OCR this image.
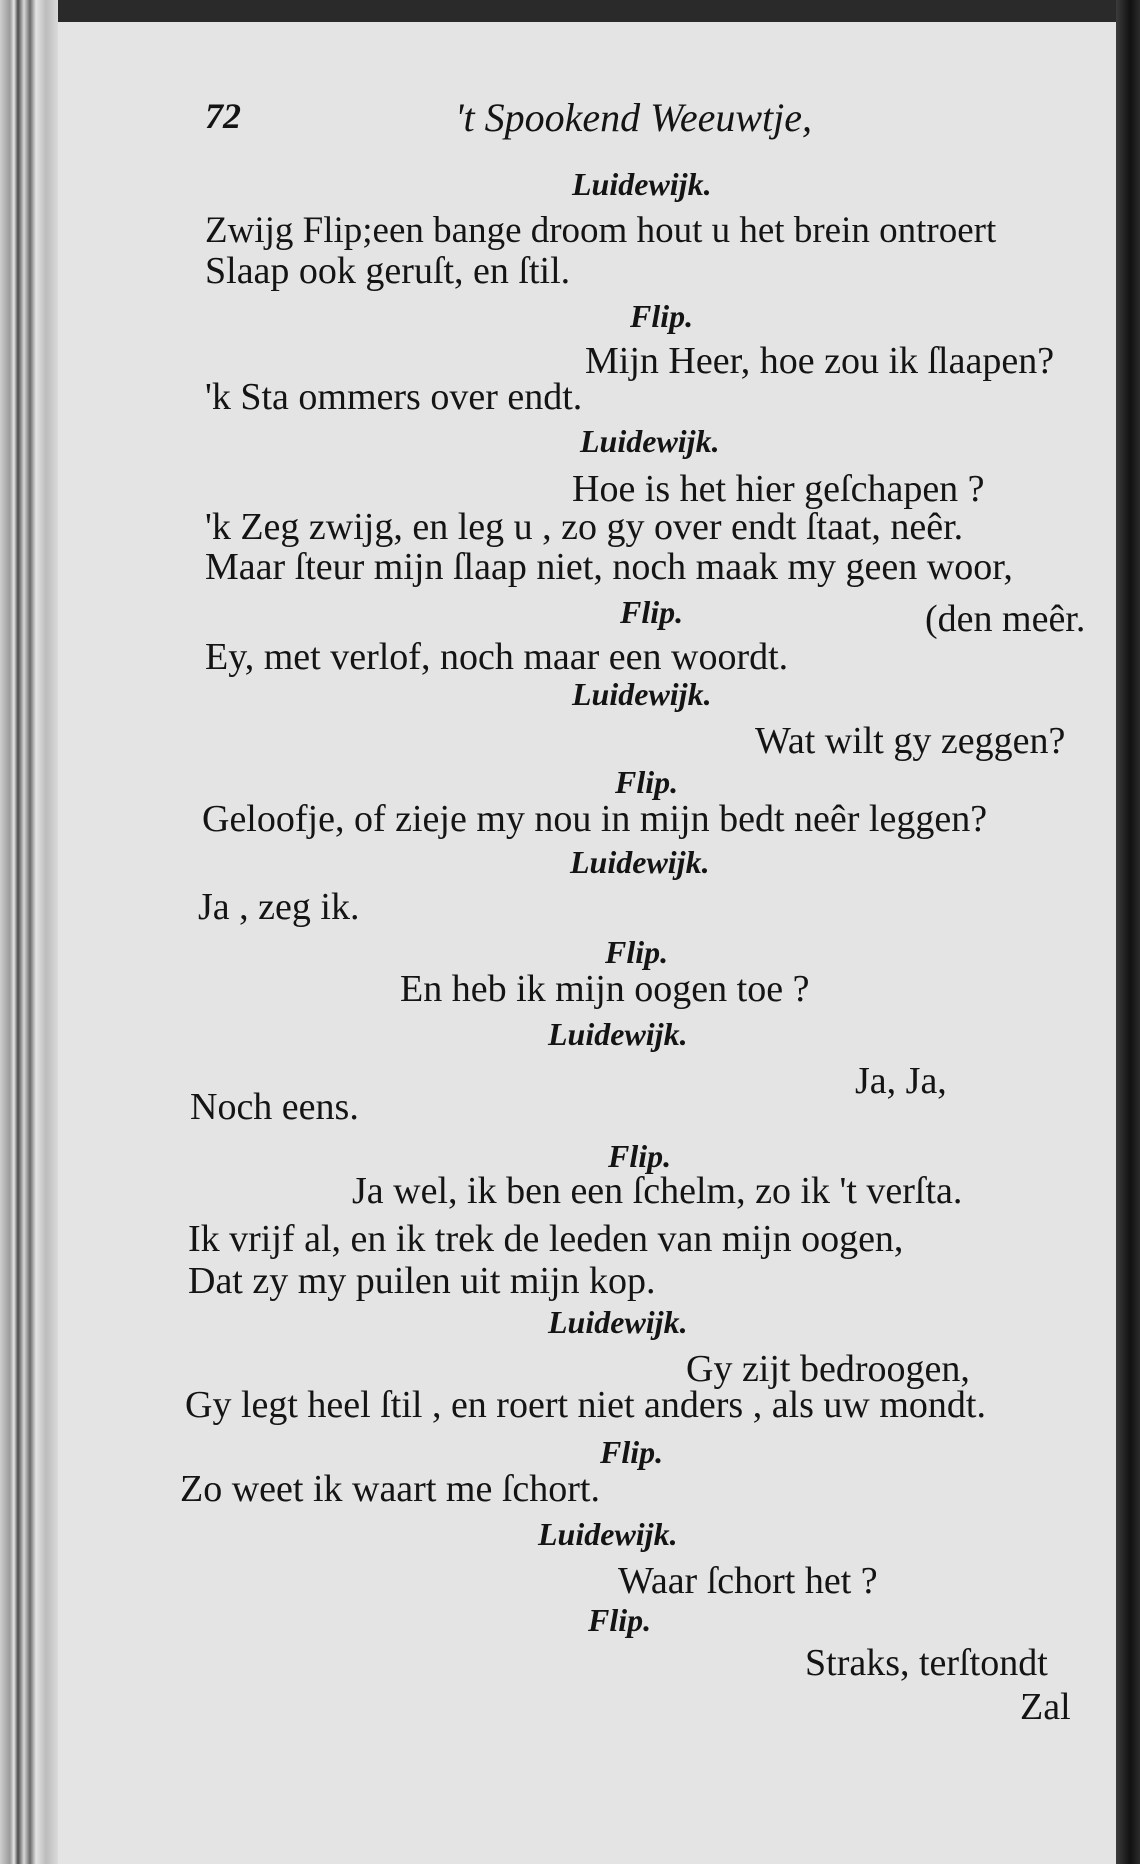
72	't Spookend Weeuwtje,

Luidewijk.

Zwijg Flip;een bange droom hout u het brein ontroert

Slaap ook geruſt, en ſtil.

Flip.

Mijn Heer, hoe zou ik ſlaapen?

'k Sta ommers over endt.

Luidewijk.

Hoe is het hier geſchapen ?

'k Zeg zwijg, en leg u , zo gy over endt ſtaat, neêr.

Maar ſteur mijn ſlaap niet, noch maak my geen woor,

Flip.	(den meêr.

Ey, met verlof, noch maar een woordt.

Luidewijk.

Wat wilt gy zeggen?

Flip.

Geloofje, of zieje my nou in mijn bedt neêr leggen?

Luidewijk.

Ja , zeg ik.

Flip.

En heb ik mijn oogen toe ?

Luidewijk.

Ja, Ja,

Noch eens.

Flip.

Ja wel, ik ben een ſchelm, zo ik 't verſta.

Ik vrijf al, en ik trek de leeden van mijn oogen,

Dat zy my puilen uit mijn kop.

Luidewijk.

Gy zijt bedroogen,

Gy legt heel ſtil , en roert niet anders , als uw mondt.

Flip.

Zo weet ik waart me ſchort.

Luidewijk.

Waar ſchort het ?

Flip.

Straks, terſtondt

Zal
